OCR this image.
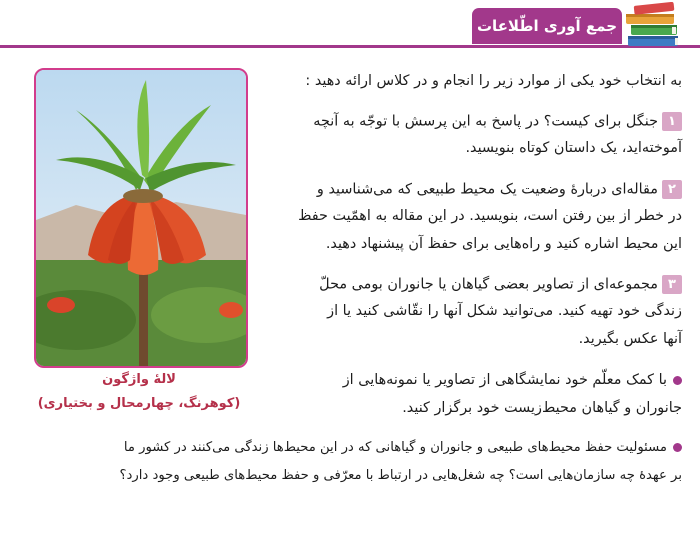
جمع آوری اطّلاعات
لالهٔ واژگون
(کوهرنگ، چهارمحال و بختیاری)
به انتخاب خود یکی از موارد زیر را انجام و در کلاس ارائه دهید :
۱جنگل برای کیست؟ در پاسخ به این پرسش با توجّه به آنچه
آموخته‌اید، یک داستان کوتاه بنویسید.
۲مقاله‌ای دربارهٔ وضعیت یک محیط طبیعی که می‌شناسید و
در خطر از بین رفتن است، بنویسید. در این مقاله به اهمّیت حفظ
این محیط اشاره کنید و راه‌هایی برای حفظ آن پیشنهاد دهید.
۳مجموعه‌ای از تصاویر بعضی گیاهان یا جانوران بومی محلّ
زندگی خود تهیه کنید. می‌توانید شکل آنها را نقّاشی کنید یا از
آنها عکس بگیرید.
با کمک معلّم خود نمایشگاهی از تصاویر یا نمونه‌هایی از
جانوران و گیاهان محیط‌زیست خود برگزار کنید.
مسئولیت حفظ محیط‌های طبیعی و جانوران و گیاهانی که در این محیط‌ها زندگی می‌کنند در کشور ما
بر عهدهٔ چه سازمان‌هایی است؟ چه شغل‌هایی در ارتباط با معرّفی و حفظ محیط‌های طبیعی وجود دارد؟
